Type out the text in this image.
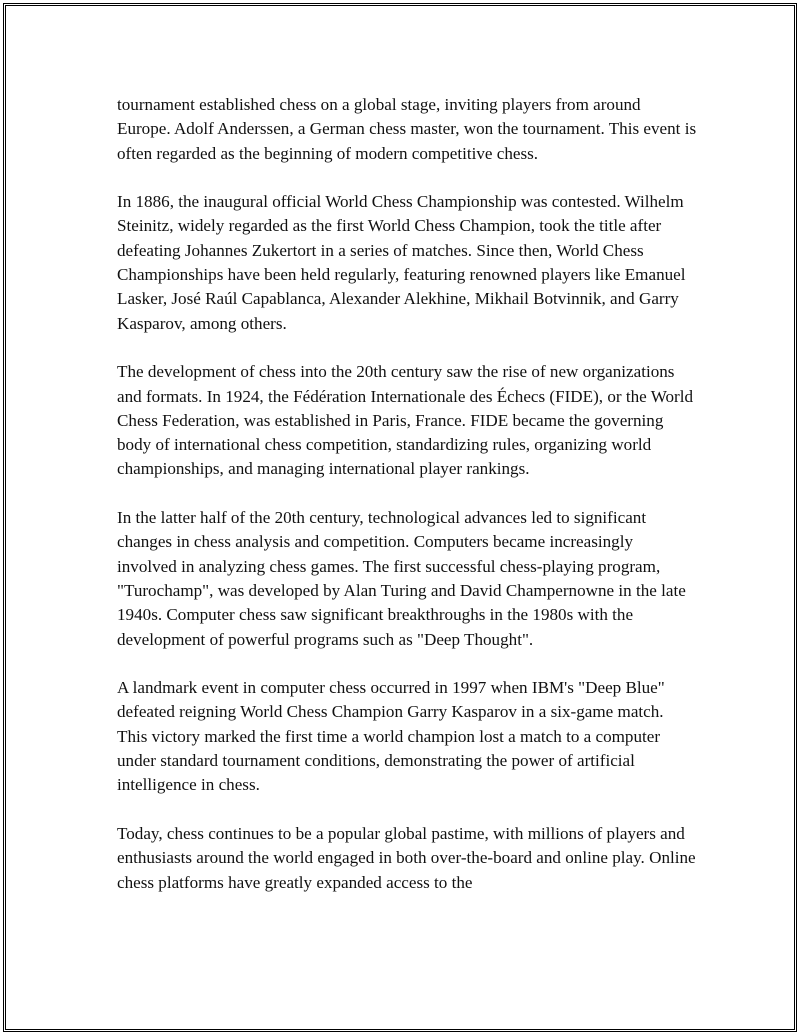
tournament established chess on a global stage, inviting players from around Europe. Adolf Anderssen, a German chess master, won the tournament. This event is often regarded as the beginning of modern competitive chess.

In 1886, the inaugural official World Chess Championship was contested. Wilhelm Steinitz, widely regarded as the first World Chess Champion, took the title after defeating Johannes Zukertort in a series of matches. Since then, World Chess Championships have been held regularly, featuring renowned players like Emanuel Lasker, José Raúl Capablanca, Alexander Alekhine, Mikhail Botvinnik, and Garry Kasparov, among others.

The development of chess into the 20th century saw the rise of new organizations and formats. In 1924, the Fédération Internationale des Échecs (FIDE), or the World Chess Federation, was established in Paris, France. FIDE became the governing body of international chess competition, standardizing rules, organizing world championships, and managing international player rankings.

In the latter half of the 20th century, technological advances led to significant changes in chess analysis and competition. Computers became increasingly involved in analyzing chess games. The first successful chess-playing program, "Turochamp", was developed by Alan Turing and David Champernowne in the late 1940s. Computer chess saw significant breakthroughs in the 1980s with the development of powerful programs such as "Deep Thought".

A landmark event in computer chess occurred in 1997 when IBM's "Deep Blue" defeated reigning World Chess Champion Garry Kasparov in a six-game match. This victory marked the first time a world champion lost a match to a computer under standard tournament conditions, demonstrating the power of artificial intelligence in chess.

Today, chess continues to be a popular global pastime, with millions of players and enthusiasts around the world engaged in both over-the-board and online play. Online chess platforms have greatly expanded access to the
